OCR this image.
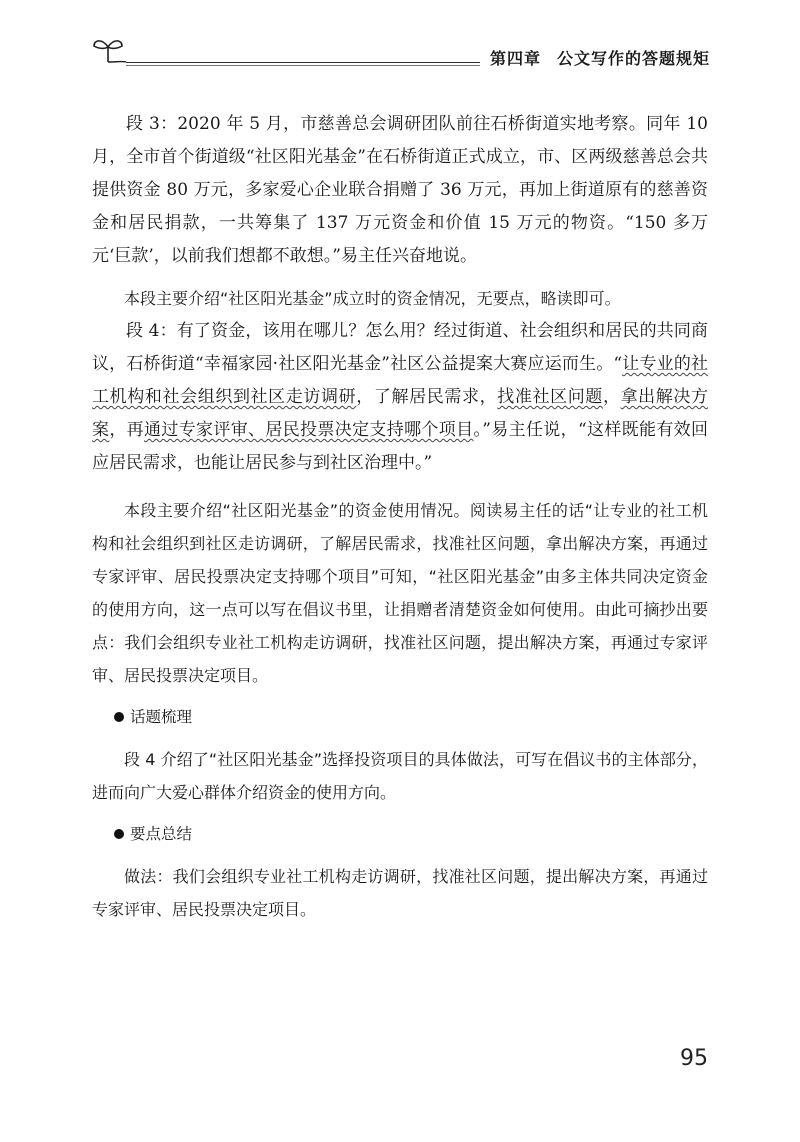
第四章 公文写作的答题规矩

段 3：2020 年 5 月，市慈善总会调研团队前往石桥街道实地考察。同年 10 月，全市首个街道级“社区阳光基金”在石桥街道正式成立，市、区两级慈善总会共提供资金 80 万元，多家爱心企业联合捐赠了 36 万元，再加上街道原有的慈善资金和居民捐款，一共筹集了 137 万元资金和价值 15 万元的物资。“150 多万元‘巨款’，以前我们想都不敢想。”易主任兴奋地说。

本段主要介绍“社区阳光基金”成立时的资金情况，无要点，略读即可。

段 4：有了资金，该用在哪儿？怎么用？经过街道、社会组织和居民的共同商议，石桥街道“幸福家园·社区阳光基金”社区公益提案大赛应运而生。“让专业的社工机构和社会组织到社区走访调研，了解居民需求，找准社区问题，拿出解决方案，再通过专家评审、居民投票决定支持哪个项目。”易主任说，“这样既能有效回应居民需求，也能让居民参与到社区治理中。”

本段主要介绍“社区阳光基金”的资金使用情况。阅读易主任的话“让专业的社工机构和社会组织到社区走访调研，了解居民需求，找准社区问题，拿出解决方案，再通过专家评审、居民投票决定支持哪个项目”可知，“社区阳光基金”由多主体共同决定资金的使用方向，这一点可以写在倡议书里，让捐赠者清楚资金如何使用。由此可摘抄出要点：我们会组织专业社工机构走访调研，找准社区问题，提出解决方案，再通过专家评审、居民投票决定项目。

话题梳理

段 4 介绍了“社区阳光基金”选择投资项目的具体做法，可写在倡议书的主体部分，进而向广大爱心群体介绍资金的使用方向。

要点总结

做法：我们会组织专业社工机构走访调研，找准社区问题，提出解决方案，再通过专家评审、居民投票决定项目。

95
